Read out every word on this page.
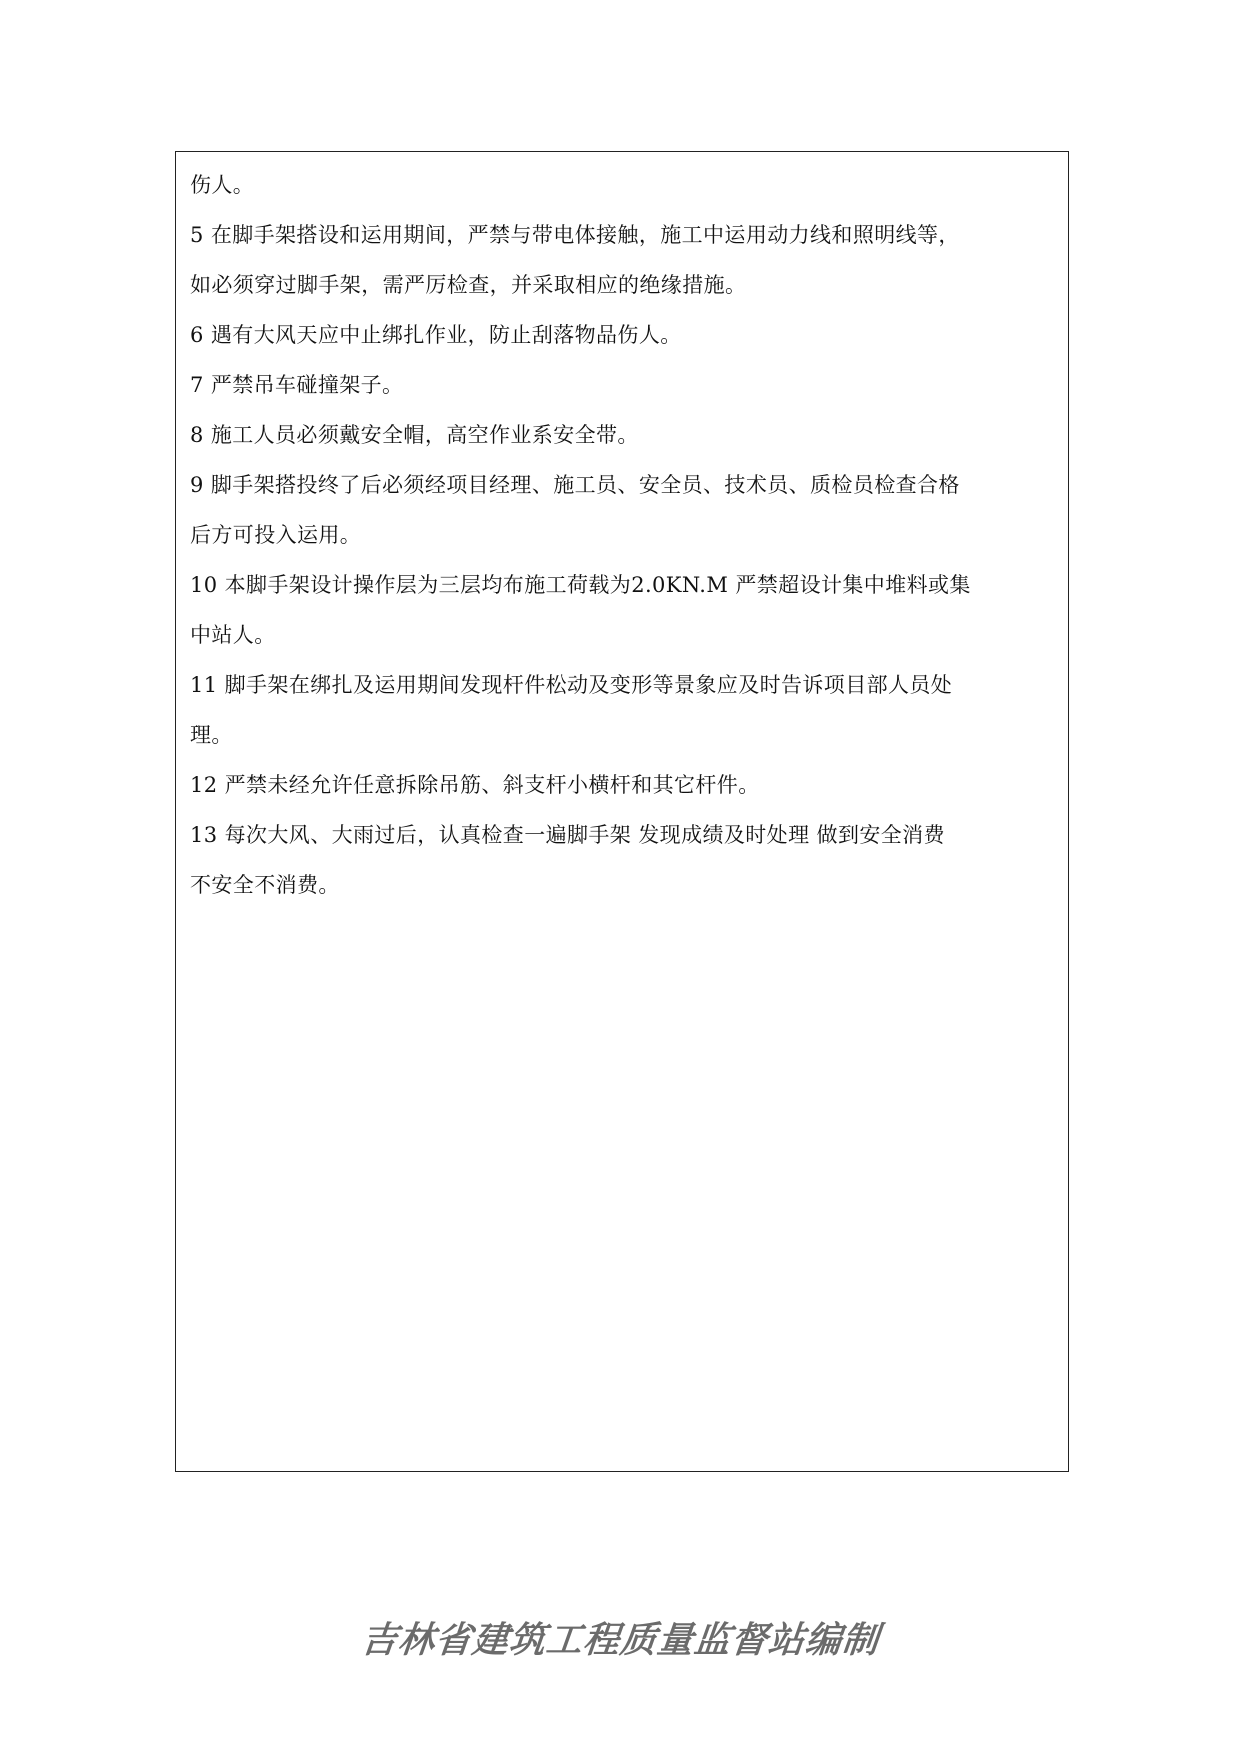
伤人。
5 在脚手架搭设和运用期间，严禁与带电体接触，施工中运用动力线和照明线等，
如必须穿过脚手架，需严厉检查，并采取相应的绝缘措施。
6 遇有大风天应中止绑扎作业，防止刮落物品伤人。
7 严禁吊车碰撞架子。
8 施工人员必须戴安全帽，高空作业系安全带。
9 脚手架搭投终了后必须经项目经理、施工员、安全员、技术员、质检员检查合格
后方可投入运用。
10 本脚手架设计操作层为三层均布施工荷载为2.0KN.M 严禁超设计集中堆料或集
中站人。
11 脚手架在绑扎及运用期间发现杆件松动及变形等景象应及时告诉项目部人员处
理。
12 严禁未经允许任意拆除吊筋、斜支杆小横杆和其它杆件。
13 每次大风、大雨过后，认真检查一遍脚手架 发现成绩及时处理 做到安全消费
不安全不消费。
吉林省建筑工程质量监督站编制
